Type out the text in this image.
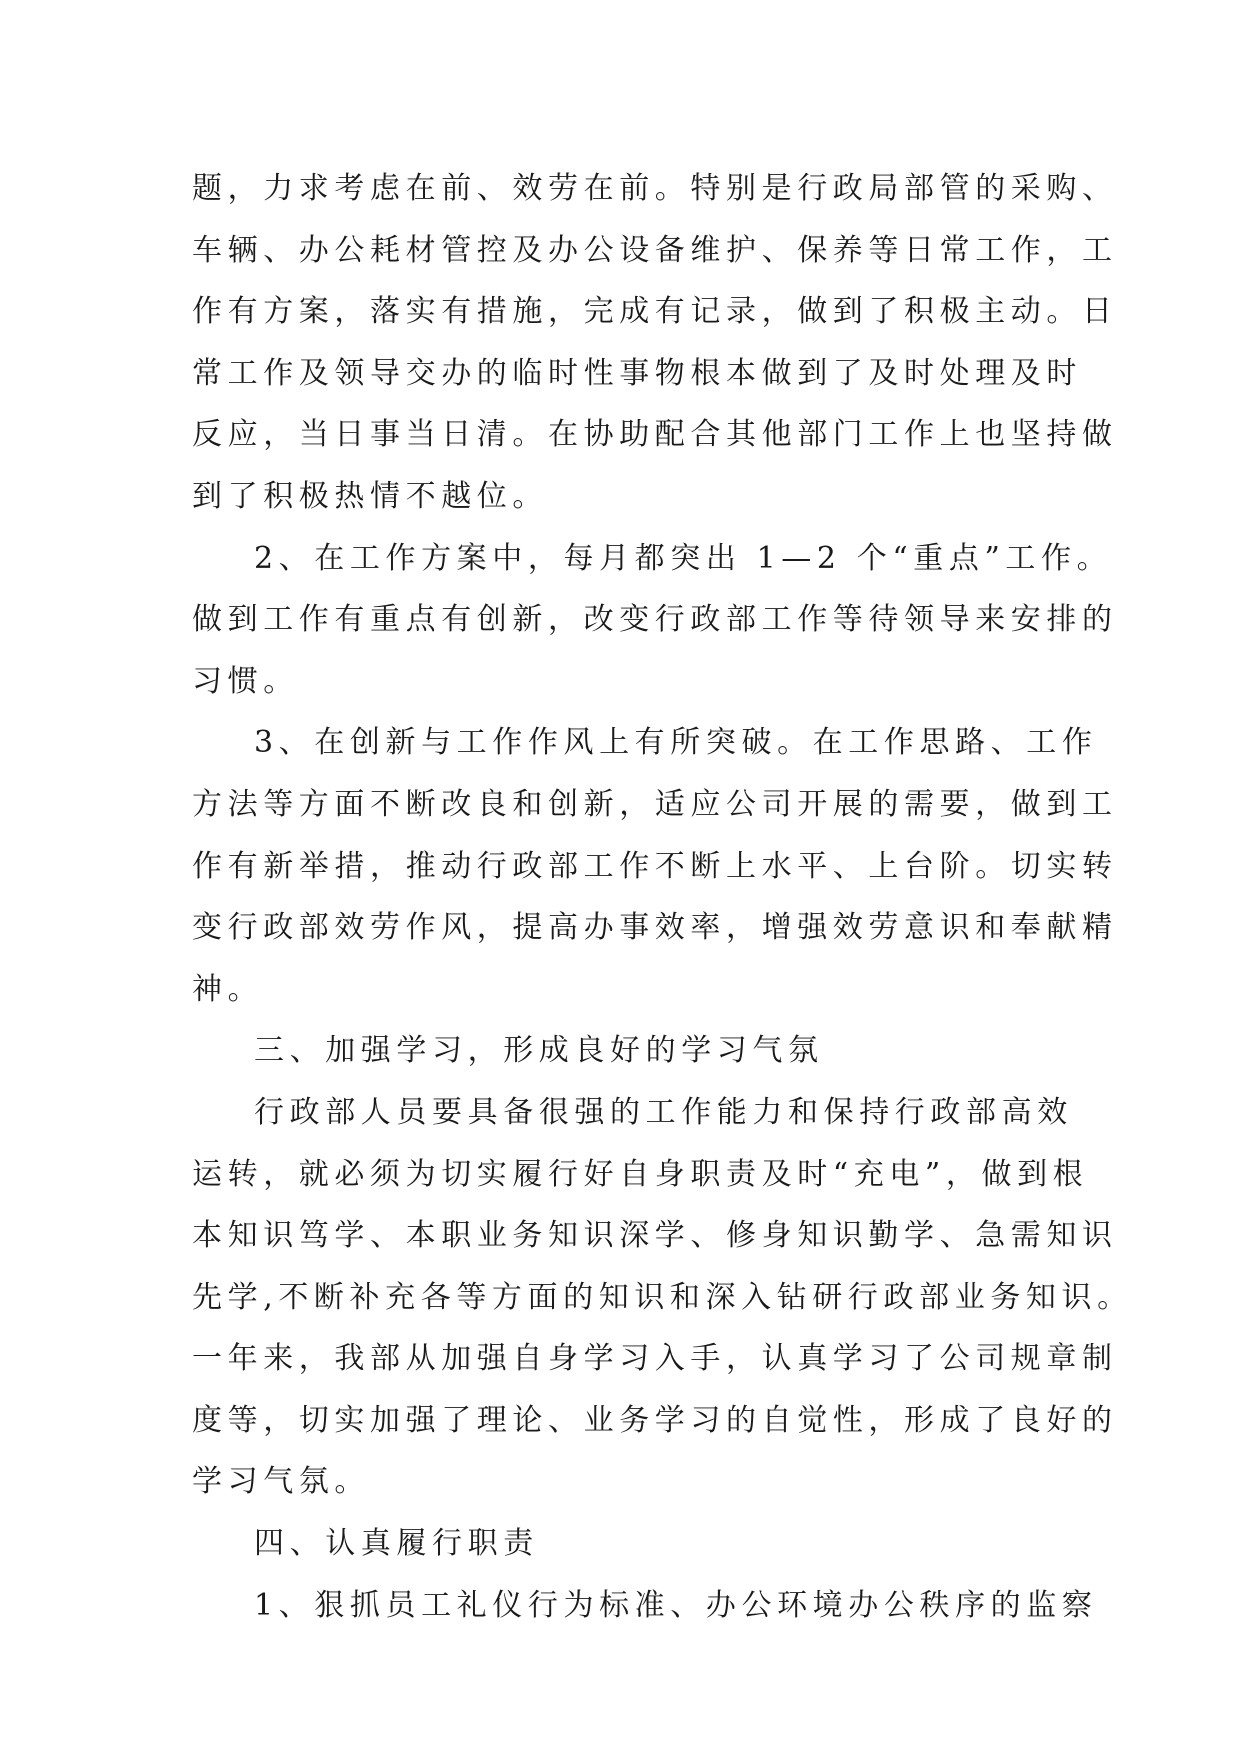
题，力求考虑在前、效劳在前。特别是行政局部管的采购、
车辆、办公耗材管控及办公设备维护、保养等日常工作，工
作有方案，落实有措施，完成有记录，做到了积极主动。日
常工作及领导交办的临时性事物根本做到了及时处理及时
反应，当日事当日清。在协助配合其他部门工作上也坚持做
到了积极热情不越位。
2、在工作方案中，每月都突出 1—2 个“重点”工作。
做到工作有重点有创新，改变行政部工作等待领导来安排的
习惯。
3、在创新与工作作风上有所突破。在工作思路、工作
方法等方面不断改良和创新，适应公司开展的需要，做到工
作有新举措，推动行政部工作不断上水平、上台阶。切实转
变行政部效劳作风，提高办事效率，增强效劳意识和奉献精
神。
三、加强学习，形成良好的学习气氛
行政部人员要具备很强的工作能力和保持行政部高效
运转，就必须为切实履行好自身职责及时“充电”，做到根
本知识笃学、本职业务知识深学、修身知识勤学、急需知识
先学,不断补充各等方面的知识和深入钻研行政部业务知识。
一年来，我部从加强自身学习入手，认真学习了公司规章制
度等，切实加强了理论、业务学习的自觉性，形成了良好的
学习气氛。
四、认真履行职责
1、狠抓员工礼仪行为标准、办公环境办公秩序的监察
